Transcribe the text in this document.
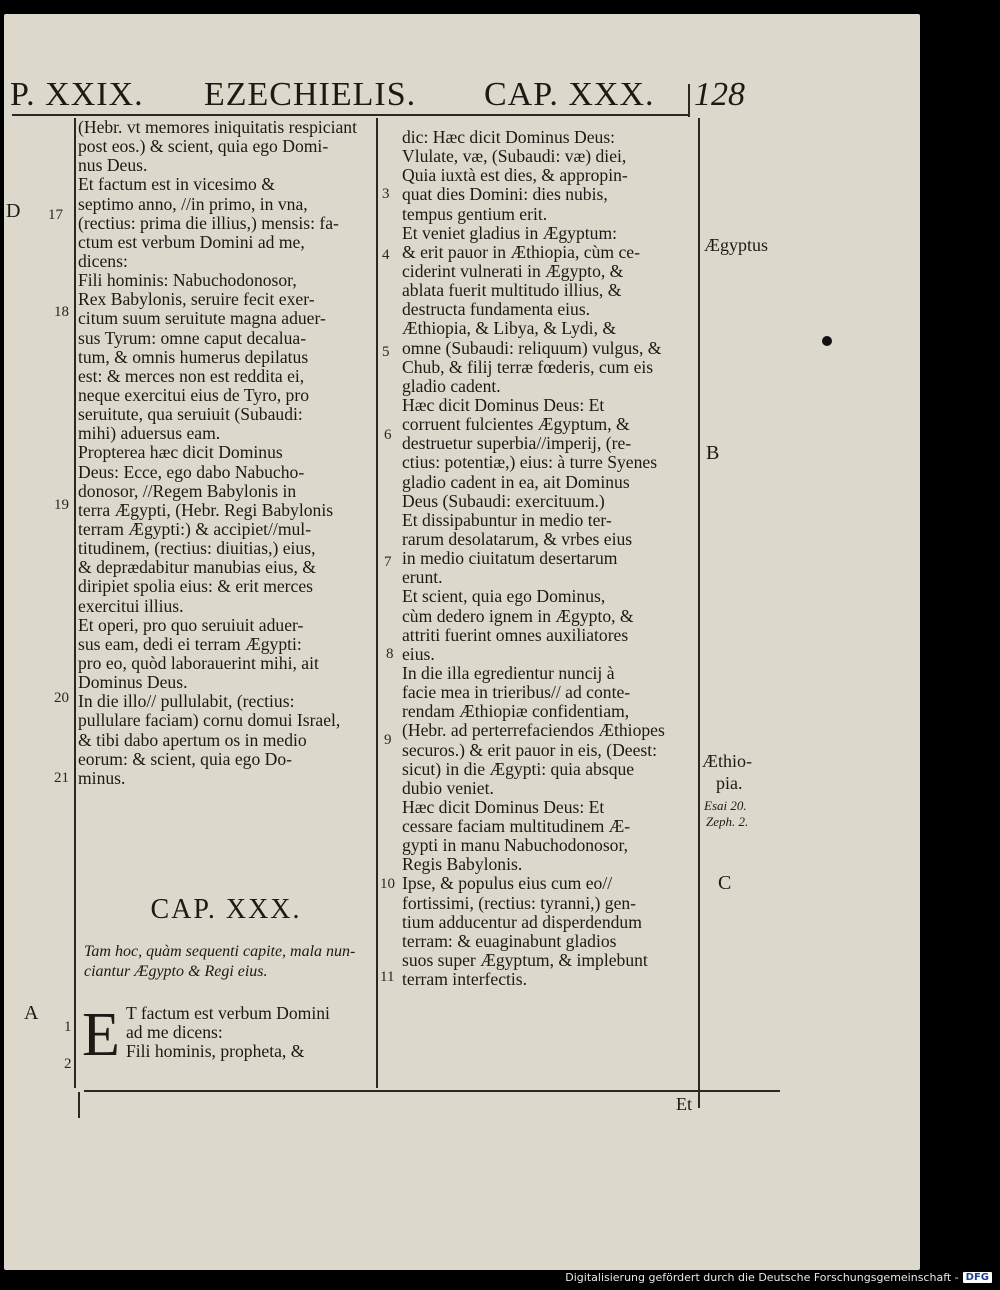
P. XXIX. EZECHIELIS. CAP. XXX. 128
D
A
B
C
17
18
19
20
21
1
2
3
4
5
6
7
8
9
10
11
(Hebr. vt memores iniquitatis respiciant
post eos.) & scient, quia ego Domi-
nus Deus.
Et factum est in vicesimo &
septimo anno, //in primo, in vna,
(rectius: prima die illius,) mensis: fa-
ctum est verbum Domini ad me,
dicens:
Fili hominis: Nabuchodonosor,
Rex Babylonis, seruire fecit exer-
citum suum seruitute magna aduer-
sus Tyrum: omne caput decalua-
tum, & omnis humerus depilatus
est: & merces non est reddita ei,
neque exercitui eius de Tyro, pro
seruitute, qua seruiuit (Subaudi:
mihi) aduersus eam.
Propterea hæc dicit Dominus
Deus: Ecce, ego dabo Nabucho-
donosor, //Regem Babylonis in
terra Ægypti, (Hebr. Regi Babylonis
terram Ægypti:) & accipiet//mul-
titudinem, (rectius: diuitias,) eius,
& deprædabitur manubias eius, &
diripiet spolia eius: & erit merces
exercitui illius.
Et operi, pro quo seruiuit aduer-
sus eam, dedi ei terram Ægypti:
pro eo, quòd laborauerint mihi, ait
Dominus Deus.
In die illo// pullulabit, (rectius:
pullulare faciam) cornu domui Israel,
& tibi dabo apertum os in medio
eorum: & scient, quia ego Do-
minus.
CAP. XXX.
Tam hoc, quàm sequenti capite, mala nun-
ciantur Ægypto & Regi eius.
E T factum est verbum Domini
ad me dicens:
Fili hominis, propheta, &
dic: Hæc dicit Dominus Deus:
Vlulate, væ, (Subaudi: væ) diei,
Quia iuxtà est dies, & appropin-
quat dies Domini: dies nubis,
tempus gentium erit.
Et veniet gladius in Ægyptum:
& erit pauor in Æthiopia, cùm ce-
ciderint vulnerati in Ægypto, &
ablata fuerit multitudo illius, &
destructa fundamenta eius.
Æthiopia, & Libya, & Lydi, &
omne (Subaudi: reliquum) vulgus, &
Chub, & filij terræ fœderis, cum eis
gladio cadent.
Hæc dicit Dominus Deus: Et
corruent fulcientes Ægyptum, &
destruetur superbia//imperij, (re-
ctius: potentiæ,) eius: à turre Syenes
gladio cadent in ea, ait Dominus
Deus (Subaudi: exercituum.)
Et dissipabuntur in medio ter-
rarum desolatarum, & vrbes eius
in medio ciuitatum desertarum
erunt.
Et scient, quia ego Dominus,
cùm dedero ignem in Ægypto, &
attriti fuerint omnes auxiliatores
eius.
In die illa egredientur nuncij à
facie mea in trieribus// ad conte-
rendam Æthiopiæ confidentiam,
(Hebr. ad perterrefaciendos Æthiopes
securos.) & erit pauor in eis, (Deest:
sicut) in die Ægypti: quia absque
dubio veniet.
Hæc dicit Dominus Deus: Et
cessare faciam multitudinem Æ-
gypti in manu Nabuchodonosor,
Regis Babylonis.
Ipse, & populus eius cum eo//
fortissimi, (rectius: tyranni,) gen-
tium adducentur ad disperdendum
terram: & euaginabunt gladios
suos super Ægyptum, & implebunt
terram interfectis.
Ægyptus
Æthio-
pia.
Esai 20.
Zeph. 2.
Et
Digitalisierung gefördert durch die Deutsche Forschungsgemeinschaft - DFG
